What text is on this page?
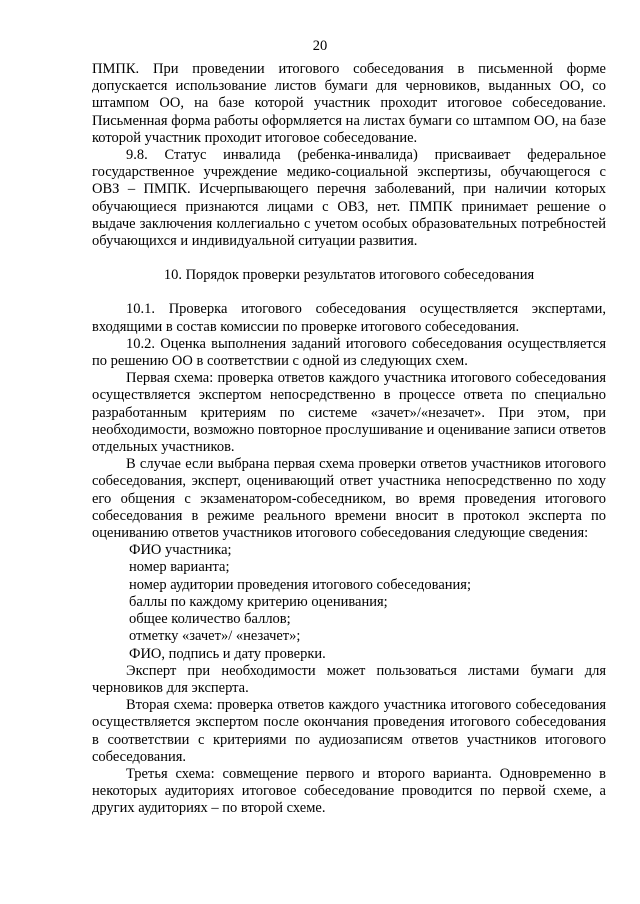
20

ПМПК. При проведении итогового собеседования в письменной форме допускается использование листов бумаги для черновиков, выданных ОО, со штампом ОО, на базе которой участник проходит итоговое собеседование. Письменная форма работы оформляется на листах бумаги со штампом ОО, на базе которой участник проходит итоговое собеседование.

9.8. Статус инвалида (ребенка-инвалида) присваивает федеральное государственное учреждение медико-социальной экспертизы, обучающегося с ОВЗ – ПМПК. Исчерпывающего перечня заболеваний, при наличии которых обучающиеся признаются лицами с ОВЗ, нет. ПМПК принимает решение о выдаче заключения коллегиально с учетом особых образовательных потребностей обучающихся и индивидуальной ситуации развития.

10. Порядок проверки результатов итогового собеседования

10.1. Проверка итогового собеседования осуществляется экспертами, входящими в состав комиссии по проверке итогового собеседования.

10.2. Оценка выполнения заданий итогового собеседования осуществляется по решению ОО в соответствии с одной из следующих схем.

Первая схема: проверка ответов каждого участника итогового собеседования осуществляется экспертом непосредственно в процессе ответа по специально разработанным критериям по системе «зачет»/«незачет». При этом, при необходимости, возможно повторное прослушивание и оценивание записи ответов отдельных участников.

В случае если выбрана первая схема проверки ответов участников итогового собеседования, эксперт, оценивающий ответ участника непосредственно по ходу его общения с экзаменатором-собеседником, во время проведения итогового собеседования в режиме реального времени вносит в протокол эксперта по оцениванию ответов участников итогового собеседования следующие сведения:

ФИО участника;

номер варианта;

номер аудитории проведения итогового собеседования;

баллы по каждому критерию оценивания;

общее количество баллов;

отметку «зачет»/ «незачет»;

ФИО, подпись и дату проверки.

Эксперт при необходимости может пользоваться листами бумаги для черновиков для эксперта.

Вторая схема: проверка ответов каждого участника итогового собеседования осуществляется экспертом после окончания проведения итогового собеседования в соответствии с критериями по аудиозаписям ответов участников итогового собеседования.

Третья схема: совмещение первого и второго варианта. Одновременно в некоторых аудиториях итоговое собеседование проводится по первой схеме, а других аудиториях – по второй схеме.
